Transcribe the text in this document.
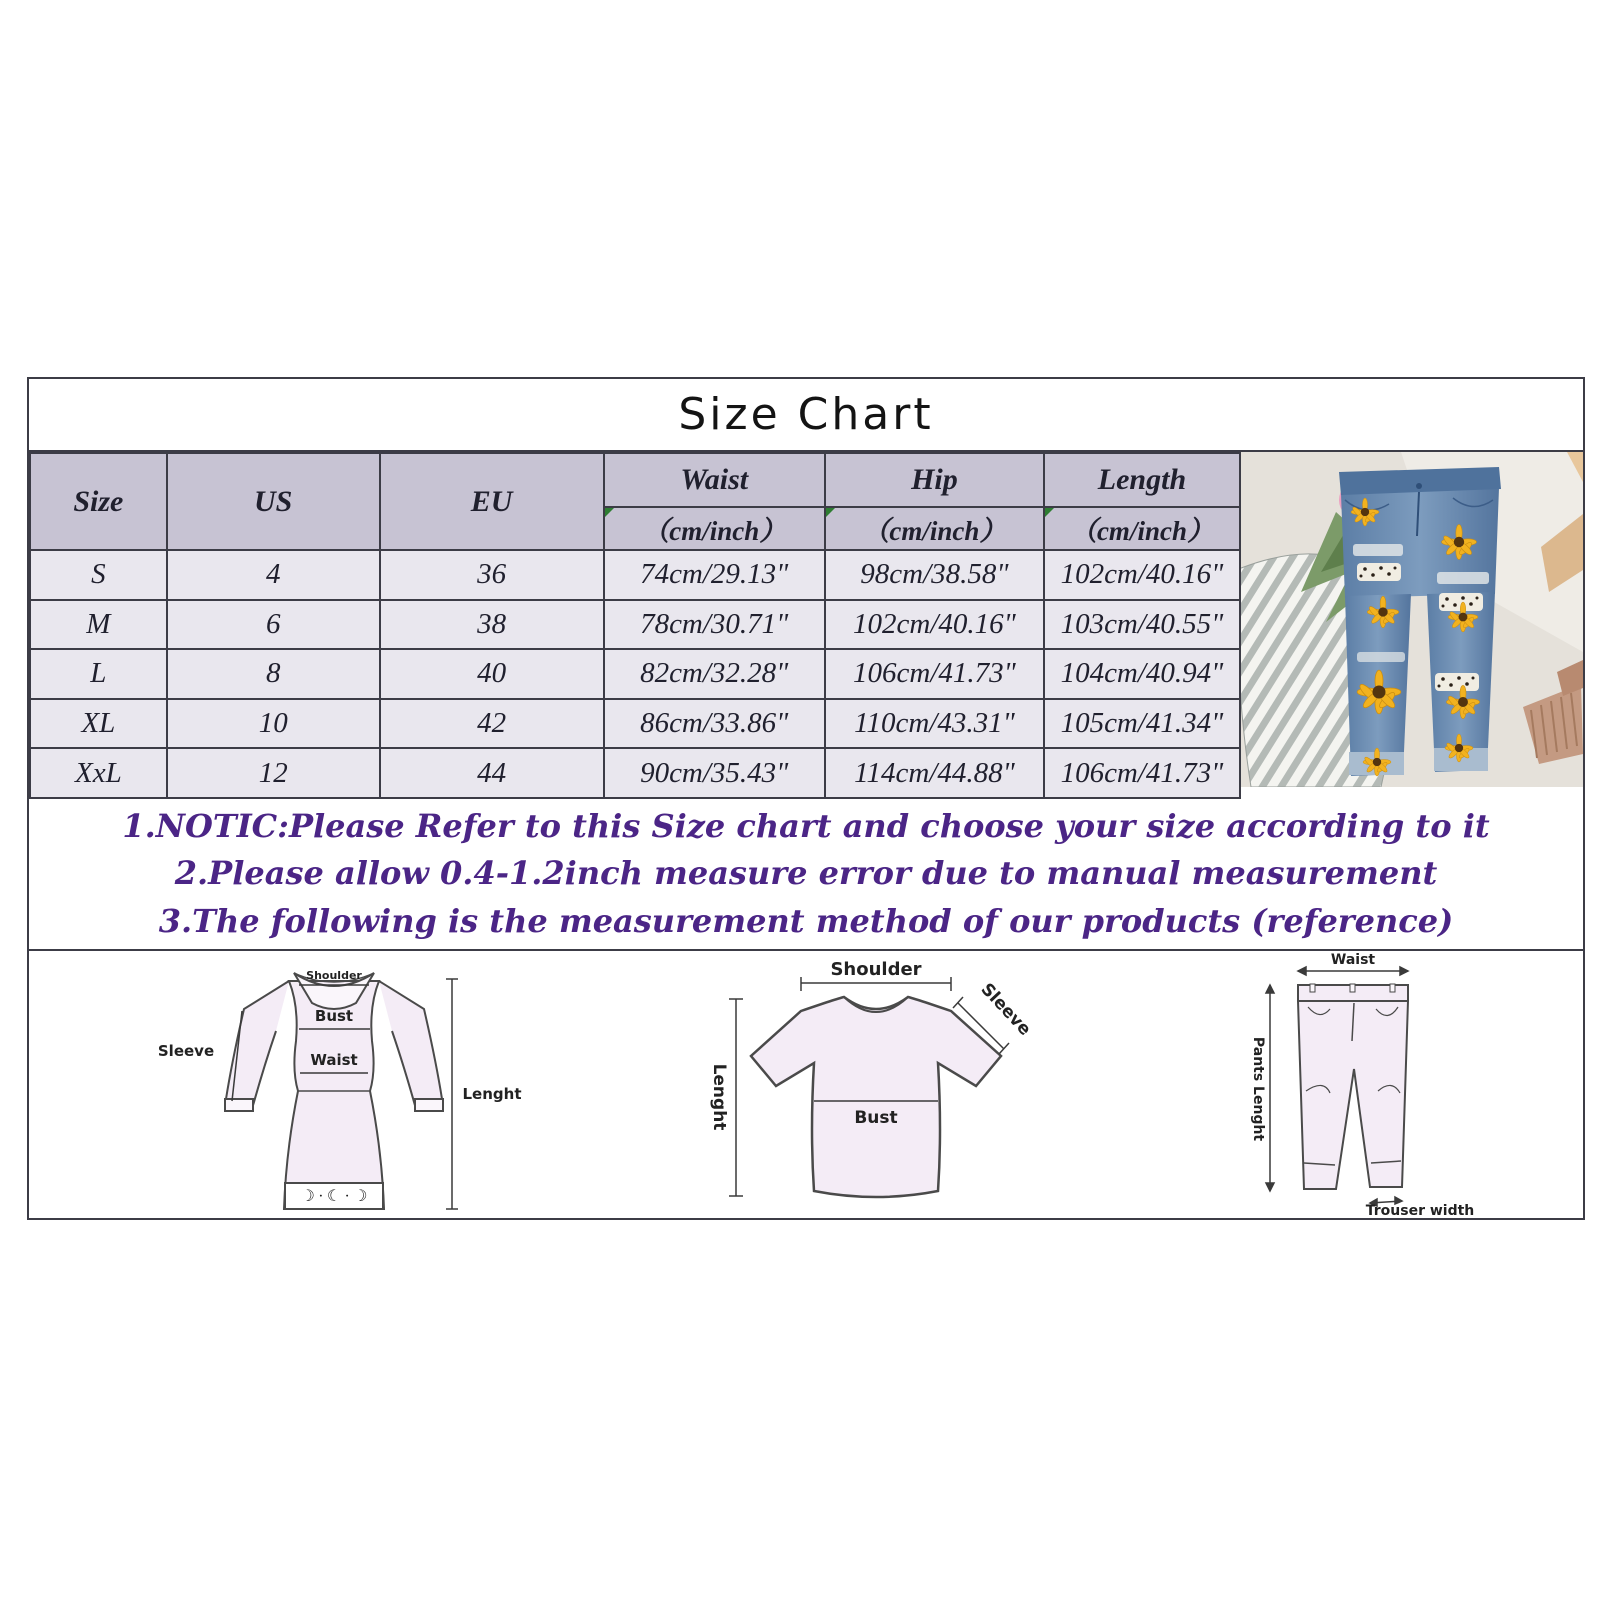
Size Chart
Size	US	EU	Waist	Hip	Length
			（cm/inch）	（cm/inch）	（cm/inch）
S	4	36	74cm/29.13"	98cm/38.58"	102cm/40.16"
M	6	38	78cm/30.71"	102cm/40.16"	103cm/40.55"
L	8	40	82cm/32.28"	106cm/41.73"	104cm/40.94"
XL	10	42	86cm/33.86"	110cm/43.31"	105cm/41.34"
XxL	12	44	90cm/35.43"	114cm/44.88"	106cm/41.73"
1.NOTIC:Please Refer to this Size chart and choose your size according to it
2.Please allow 0.4-1.2inch measure error due to manual measurement
3.The following is the measurement method of our products (reference)
☽ ∙ ☾ ∙ ☽
Shoulder
Bust
Waist
Sleeve
Lenght
Shoulder
Sleeve
Lenght	Bust
Waist
Pants Lenght
Trouser width
